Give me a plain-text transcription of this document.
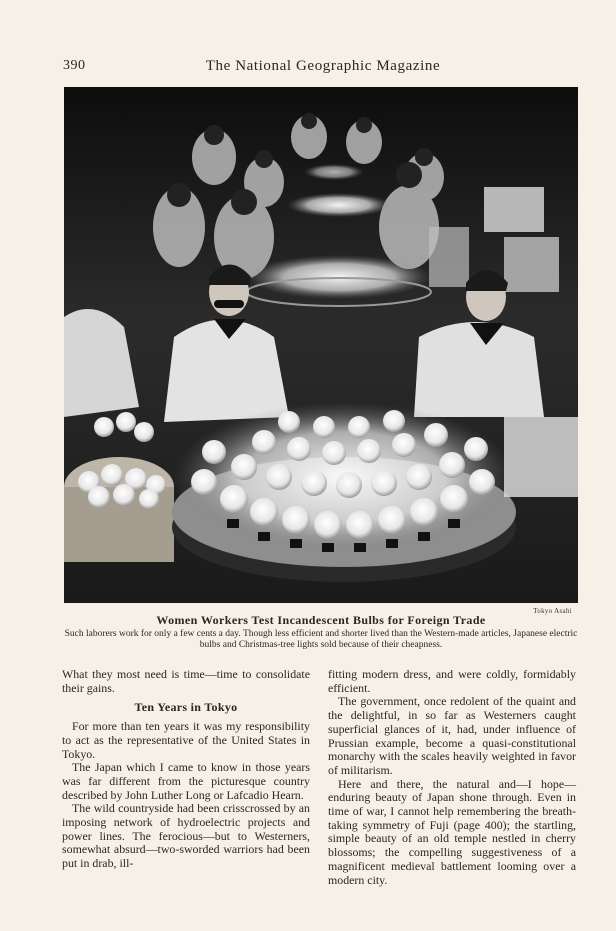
390	The National Geographic Magazine
Tokyo Asahi
Women Workers Test Incandescent Bulbs for Foreign Trade
Such laborers work for only a few cents a day. Though less efficient and shorter lived than the Western-made articles, Japanese electric bulbs and Christmas-tree lights sold because of their cheapness.

What they most need is time—time to consolidate their gains.

Ten Years in Tokyo

For more than ten years it was my responsibility to act as the representative of the United States in Tokyo.

The Japan which I came to know in those years was far different from the picturesque country described by John Luther Long or Lafcadio Hearn.

The wild countryside had been crisscrossed by an imposing network of hydroelectric projects and power lines. The ferocious—but to Westerners, somewhat absurd—two-sworded warriors had been put in drab, ill-

fitting modern dress, and were coldly, formidably efficient.

The government, once redolent of the quaint and the delightful, in so far as Westerners caught superficial glances of it, had, under influence of Prussian example, become a quasi-constitutional monarchy with the scales heavily weighted in favor of militarism.

Here and there, the natural and—I hope—enduring beauty of Japan shone through. Even in time of war, I cannot help remembering the breath-taking symmetry of Fuji (page 400); the startling, simple beauty of an old temple nestled in cherry blossoms; the compelling suggestiveness of a magnificent medieval battlement looming over a modern city.
